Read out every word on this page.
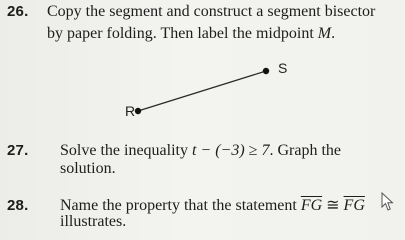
26. Copy the segment and construct a segment bisector
by paper folding. Then label the midpoint M.
S
R
27. Solve the inequality t − (−3) ≥ 7. Graph the
solution.
28. Name the property that the statement $\overline{FG}$ ≅ $\overline{FG}$
illustrates.
